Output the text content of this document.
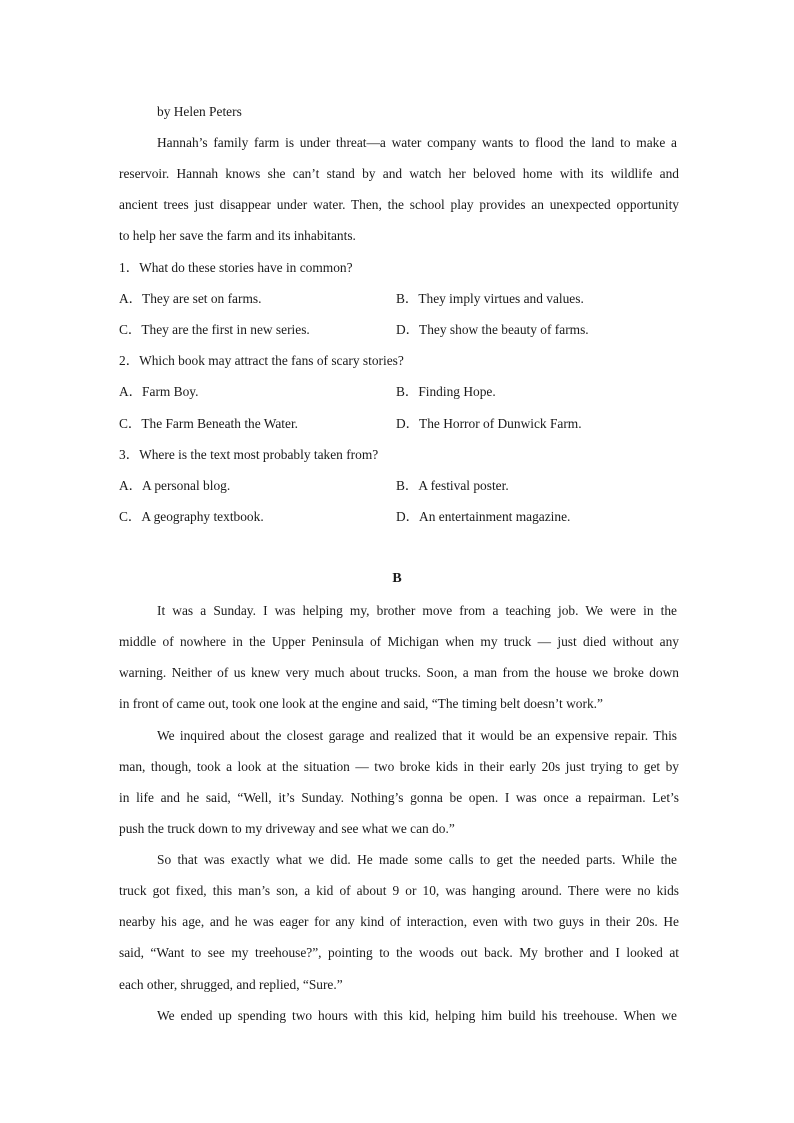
by Helen Peters
Hannah’s family farm is under threat—a water company wants to flood the land to make a
reservoir. Hannah knows she can’t stand by and watch her beloved home with its wildlife and
ancient trees just disappear under water. Then, the school play provides an unexpected opportunity
to help her save the farm and its inhabitants.
1．What do these stories have in common?
A．They are set on farms.	B．They imply virtues and values.
C．They are the first in new series.	D．They show the beauty of farms.
2．Which book may attract the fans of scary stories?
A．Farm Boy.	B．Finding Hope.
C．The Farm Beneath the Water.	D．The Horror of Dunwick Farm.
3．Where is the text most probably taken from?
A．A personal blog.	B．A festival poster.
C．A geography textbook.	D．An entertainment magazine.
B
It was a Sunday. I was helping my, brother move from a teaching job. We were in the
middle of nowhere in the Upper Peninsula of Michigan when my truck — just died without any
warning. Neither of us knew very much about trucks. Soon, a man from the house we broke down
in front of came out, took one look at the engine and said, “The timing belt doesn’t work.”
We inquired about the closest garage and realized that it would be an expensive repair. This
man, though, took a look at the situation — two broke kids in their early 20s just trying to get by
in life and he said, “Well, it’s Sunday. Nothing’s gonna be open. I was once a repairman. Let’s
push the truck down to my driveway and see what we can do.”
So that was exactly what we did. He made some calls to get the needed parts. While the
truck got fixed, this man’s son, a kid of about 9 or 10, was hanging around. There were no kids
nearby his age, and he was eager for any kind of interaction, even with two guys in their 20s. He
said, “Want to see my treehouse?”, pointing to the woods out back. My brother and I looked at
each other, shrugged, and replied, “Sure.”
We ended up spending two hours with this kid, helping him build his treehouse. When we
